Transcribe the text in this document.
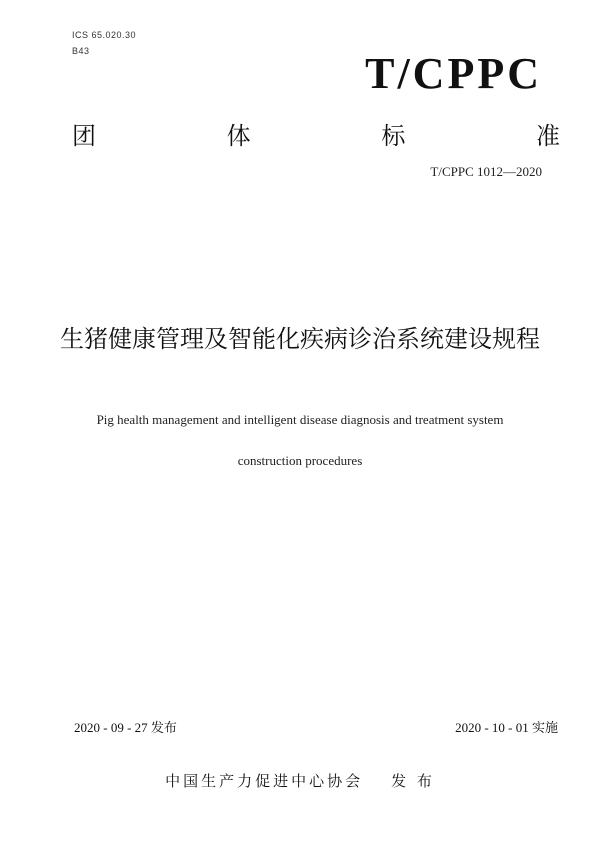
ICS 65.020.30
B43	T/CPPC
团	体	标	准
T/CPPC 1012—2020
生猪健康管理及智能化疾病诊治系统建设规程
Pig health management and intelligent disease diagnosis and treatment system
construction procedures
2020 - 09 - 27 发布	2020 - 10 - 01 实施
中国生产力促进中心协会 发 布
